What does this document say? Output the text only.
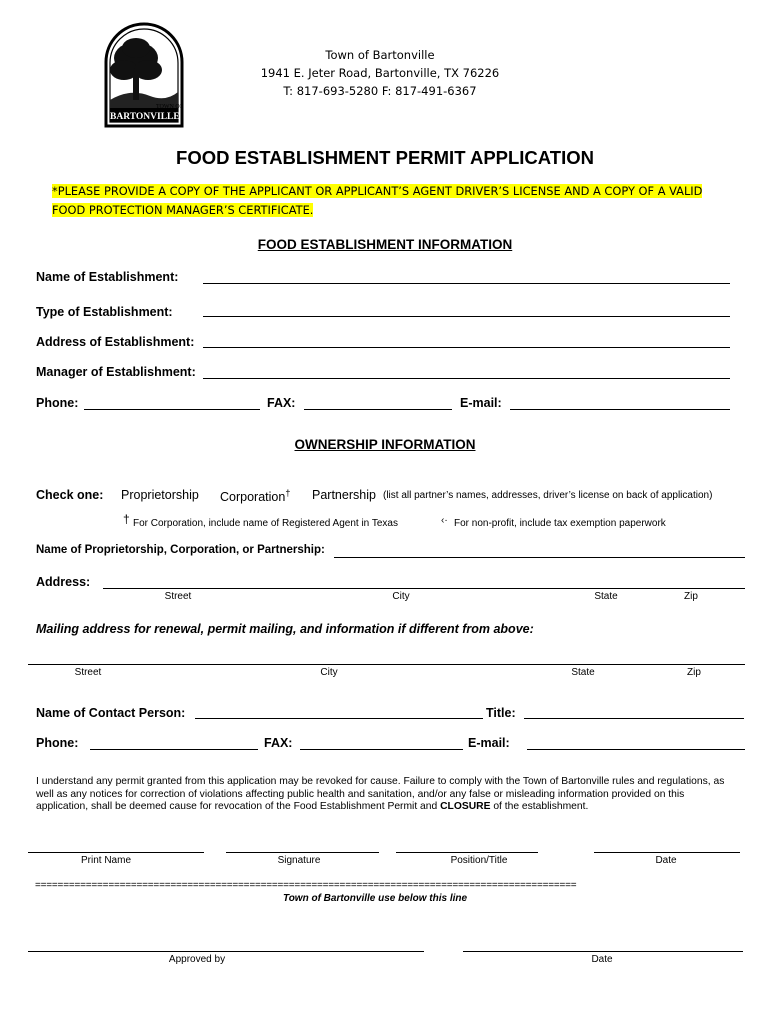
TOWN OF
BARTONVILLE
Town of Bartonville
1941 E. Jeter Road, Bartonville, TX 76226
T: 817-693-5280 F: 817-491-6367
FOOD ESTABLISHMENT PERMIT APPLICATION
*PLEASE PROVIDE A COPY OF THE APPLICANT OR APPLICANT’S AGENT DRIVER’S LICENSE AND A COPY OF A VALID
FOOD PROTECTION MANAGER’S CERTIFICATE.
FOOD ESTABLISHMENT INFORMATION
Name of Establishment:
Type of Establishment:
Address of Establishment:
Manager of Establishment:
Phone:	FAX:	E-mail:
OWNERSHIP INFORMATION
Check one: Proprietorship Corporation† Partnership (list all partner’s names, addresses, driver’s license on back of application)
† For Corporation, include name of Registered Agent in Texas	‹· For non-profit, include tax exemption paperwork
Name of Proprietorship, Corporation, or Partnership:
Address:
Street	City	State	Zip
Mailing address for renewal, permit mailing, and information if different from above:
Street	City	State	Zip
Name of Contact Person:	Title:
Phone:	FAX:	E-mail:
I understand any permit granted from this application may be revoked for cause. Failure to comply with the Town of Bartonville rules and regulations, as well as any notices for correction of violations affecting public health and sanitation, and/or any false or misleading information provided on this application, shall be deemed cause for revocation of the Food Establishment Permit and CLOSURE of the establishment.
Print Name	Signature	Position/Title	Date
================================================================================================
Town of Bartonville use below this line
Approved by	Date
